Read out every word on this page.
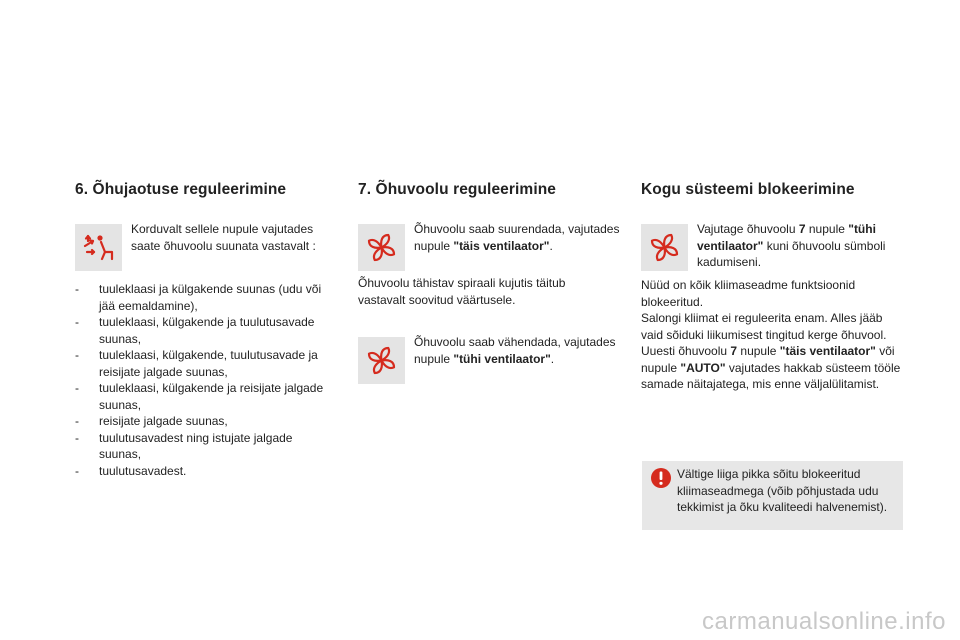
6. Õhujaotuse reguleerimine

Korduvalt sellele nupule vajutades saate õhuvoolu suunata vastavalt :

- tuuleklaasi ja külgakende suunas (udu või jää eemaldamine),
- tuuleklaasi, külgakende ja tuulutusavade suunas,
- tuuleklaasi, külgakende, tuulutusavade ja reisijate jalgade suunas,
- tuuleklaasi, külgakende ja reisijate jalgade suunas,
- reisijate jalgade suunas,
- tuulutusavadest ning istujate jalgade suunas,
- tuulutusavadest.
7. Õhuvoolu reguleerimine

Õhuvoolu saab suurendada, vajutades nupule "täis ventilaator".

Õhuvoolu tähistav spiraali kujutis täitub vastavalt soovitud väärtusele.

Õhuvoolu saab vähendada, vajutades nupule "tühi ventilaator".

Kogu süsteemi blokeerimine

Vajutage õhuvoolu 7 nupule "tühi ventilaator" kuni õhuvoolu sümboli kadumiseni.

Nüüd on kõik kliimaseadme funktsioonid blokeeritud.
Salongi kliimat ei reguleerita enam. Alles jääb vaid sõiduki liikumisest tingitud kerge õhuvool.
Uuesti õhuvoolu 7 nupule "täis ventilaator" või nupule "AUTO" vajutades hakkab süsteem tööle samade näitajatega, mis enne väljalülitamist.

Vältige liiga pikka sõitu blokeeritud kliimaseadmega (võib põhjustada udu tekkimist ja õku kvaliteedi halvenemist).

carmanualsonline.info
